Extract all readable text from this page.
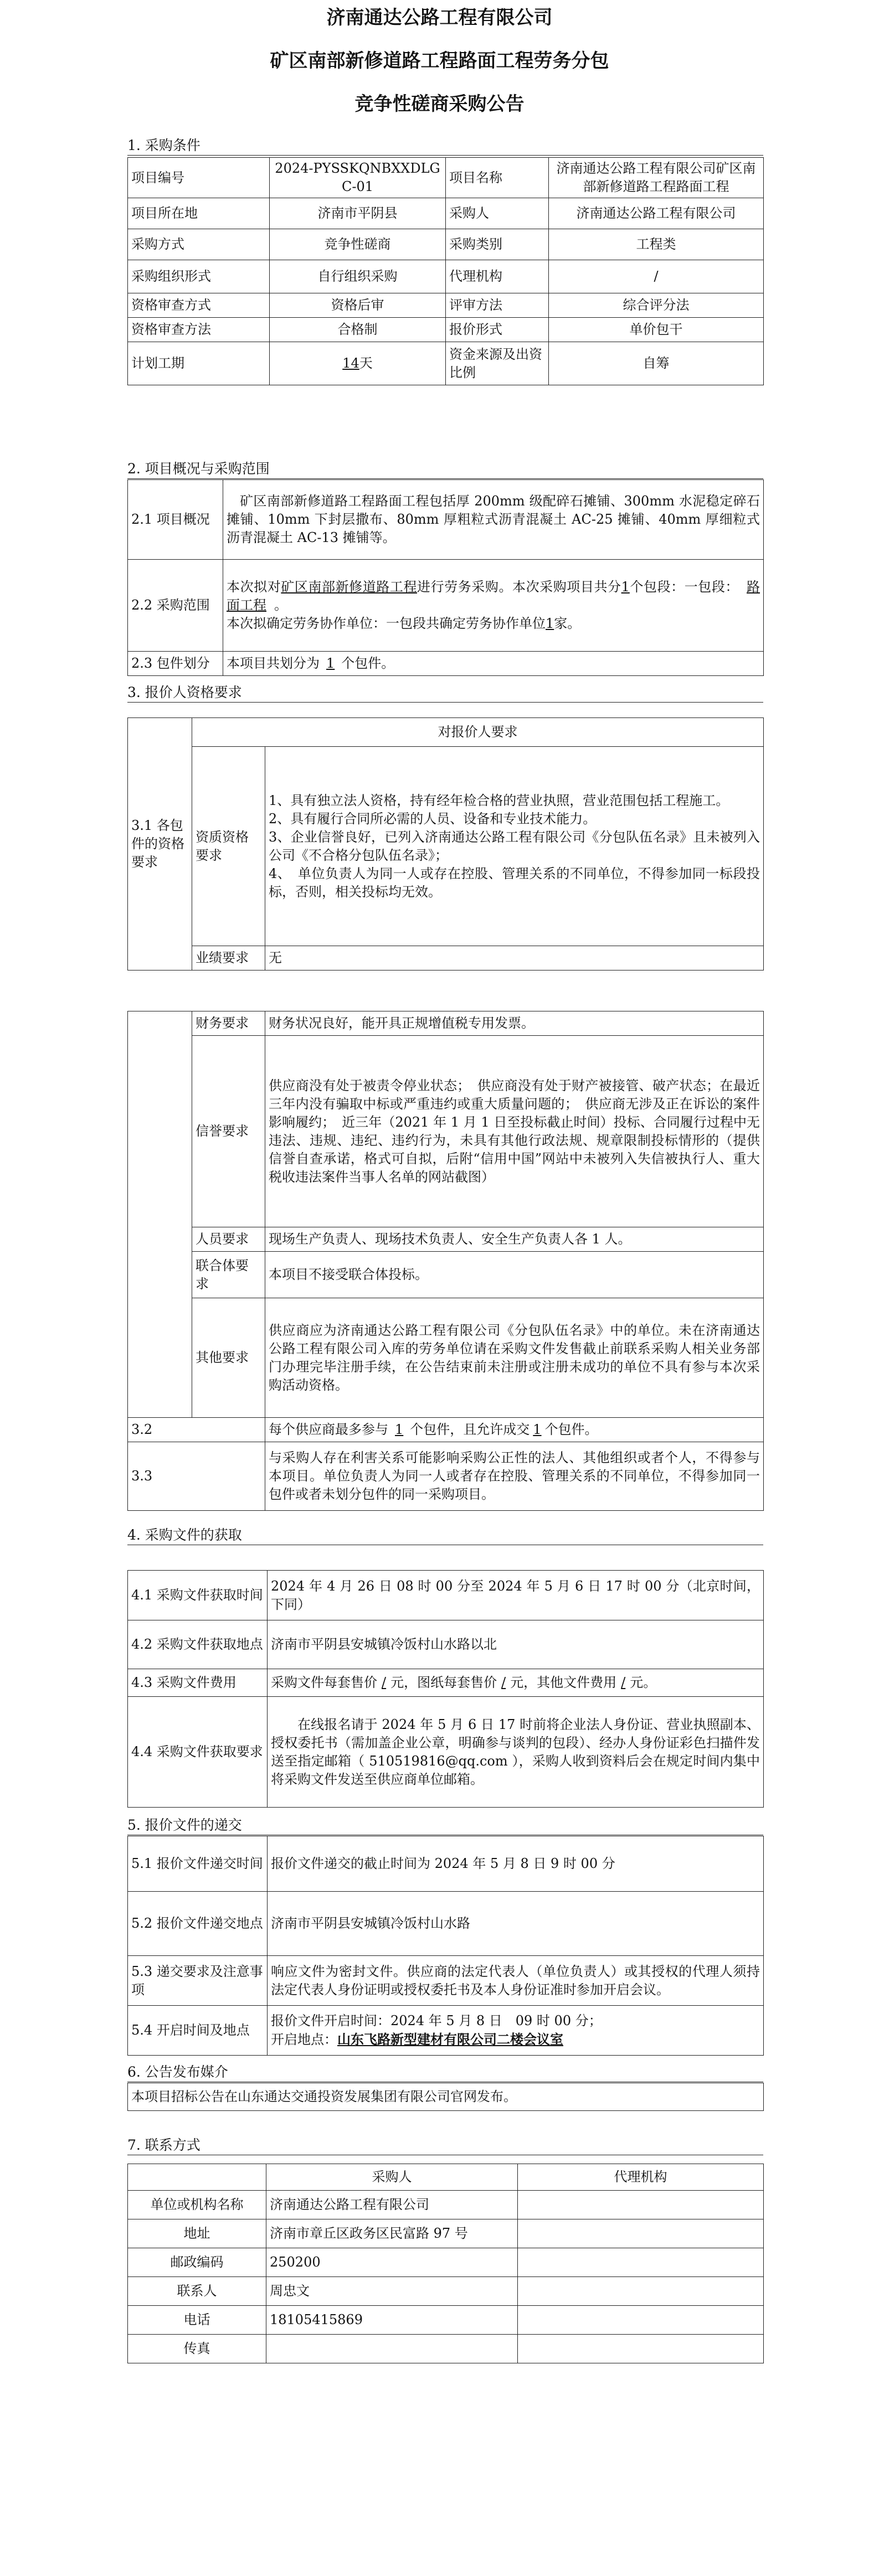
济南通达公路工程有限公司
矿区南部新修道路工程路面工程劳务分包
竞争性磋商采购公告
1. 采购条件
项目编号	2024-PYSSKQNBXXDLGC-01	项目名称	济南通达公路工程有限公司矿区南部新修道路工程路面工程
项目所在地	济南市平阴县	采购人	济南通达公路工程有限公司
采购方式	竞争性磋商	采购类别	工程类
采购组织形式	自行组织采购	代理机构	/
资格审查方式	资格后审	评审方法	综合评分法
资格审查方法	合格制	报价形式	单价包干
计划工期	14天	资金来源及出资比例	自筹
2. 项目概况与采购范围
2.1 项目概况	矿区南部新修道路工程路面工程包括厚 200mm 级配碎石摊铺、300mm 水泥稳定碎石摊铺、10mm 下封层撒布、80mm 厚粗粒式沥青混凝土 AC-25 摊铺、40mm 厚细粒式沥青混凝土 AC-13 摊铺等。
2.2 采购范围	本次拟对矿区南部新修道路工程进行劳务采购。本次采购项目共分1个包段：一包段： 路面工程 。

本次拟确定劳务协作单位：一包段共确定劳务协作单位1家。

2.3 包件划分	本项目共划分为 1 个包件。
3. 报价人资格要求
3.1 各包件的资格要求	对报价人要求	
	资质资格要求	1、具有独立法人资格，持有经年检合格的营业执照，营业范围包括工程施工。

2、具有履行合同所必需的人员、设备和专业技术能力。

3、企业信誉良好，已列入济南通达公路工程有限公司《分包队伍名录》且未被列入公司《不合格分包队伍名录》；

4、　单位负责人为同一人或存在控股、管理关系的不同单位，不得参加同一标段投标，否则，相关投标均无效。

	业绩要求	无
	财务要求	财务状况良好，能开具正规增值税专用发票。
	信誉要求	供应商没有处于被责令停业状态；　供应商没有处于财产被接管、破产状态；在最近三年内没有骗取中标或严重违约或重大质量问题的；　供应商无涉及正在诉讼的案件影响履约；　近三年（2021 年 1 月 1 日至投标截止时间）投标、合同履行过程中无违法、违规、违纪、违约行为，未具有其他行政法规、规章限制投标情形的（提供信誉自查承诺，格式可自拟，后附“信用中国”网站中未被列入失信被执行人、重大税收违法案件当事人名单的网站截图）
	人员要求	现场生产负责人、现场技术负责人、安全生产负责人各 1 人。
	联合体要求	本项目不接受联合体投标。
	其他要求	供应商应为济南通达公路工程有限公司《分包队伍名录》中的单位。未在济南通达公路工程有限公司入库的劳务单位请在采购文件发售截止前联系采购人相关业务部门办理完毕注册手续，在公告结束前未注册或注册未成功的单位不具有参与本次采购活动资格。
3.2		每个供应商最多参与 1 个包件，且允许成交 1 个包件。
3.3		与采购人存在利害关系可能影响采购公正性的法人、其他组织或者个人，不得参与本项目。单位负责人为同一人或者存在控股、管理关系的不同单位，不得参加同一包件或者未划分包件的同一采购项目。
4. 采购文件的获取
4.1 采购文件获取时间	2024 年 4 月 26 日 08 时 00 分至 2024 年 5 月 6 日 17 时 00 分（北京时间，下同）
4.2 采购文件获取地点	济南市平阴县安城镇冷饭村山水路以北
4.3 采购文件费用	采购文件每套售价 / 元，图纸每套售价 / 元，其他文件费用 / 元。
4.4 采购文件获取要求	在线报名请于 2024 年 5 月 6 日 17 时前将企业法人身份证、营业执照副本、授权委托书（需加盖企业公章，明确参与谈判的包段）、经办人身份证彩色扫描件发送至指定邮箱（ 510519816@qq.com ），采购人收到资料后会在规定时间内集中将采购文件发送至供应商单位邮箱。
5. 报价文件的递交
5.1 报价文件递交时间	报价文件递交的截止时间为 2024 年 5 月 8 日 9 时 00 分
5.2 报价文件递交地点	济南市平阴县安城镇冷饭村山水路
5.3 递交要求及注意事项	响应文件为密封文件。供应商的法定代表人（单位负责人）或其授权的代理人须持法定代表人身份证明或授权委托书及本人身份证准时参加开启会议。
5.4 开启时间及地点	报价文件开启时间：2024 年 5 月 8 日　09 时 00 分；

开启地点：山东飞路新型建材有限公司二楼会议室

6. 公告发布媒介
本项目招标公告在山东通达交通投资发展集团有限公司官网发布。
7. 联系方式
	采购人	代理机构
单位或机构名称	济南通达公路工程有限公司	
地址	济南市章丘区政务区民富路 97 号	
邮政编码	250200	
联系人	周忠文	
电话	18105415869	
传真		
